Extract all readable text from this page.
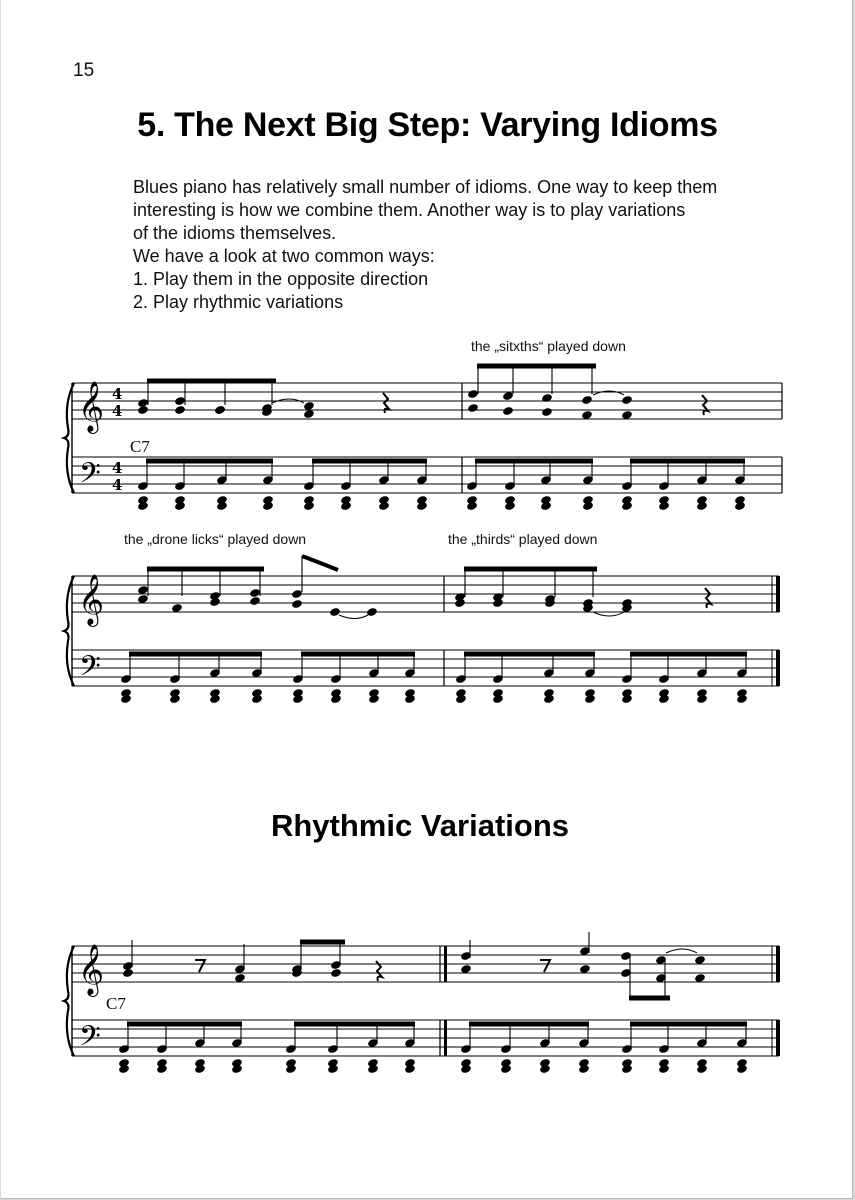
15
5. The Next Big Step: Varying Idioms
Blues piano has relatively small number of idioms. One way to keep them
interesting is how we combine them. Another way is to play variations
of the idioms themselves.
We have a look at two common ways:
1. Play them in the opposite direction
2. Play rhythmic variations
Rhythmic Variations
the „sitxths“ played down
the „drone licks“ played down	the „thirds“ played down
C7
C7
4
4
4
4
𝄞
𝄢
𝄞
𝄢
𝄞
𝄢
